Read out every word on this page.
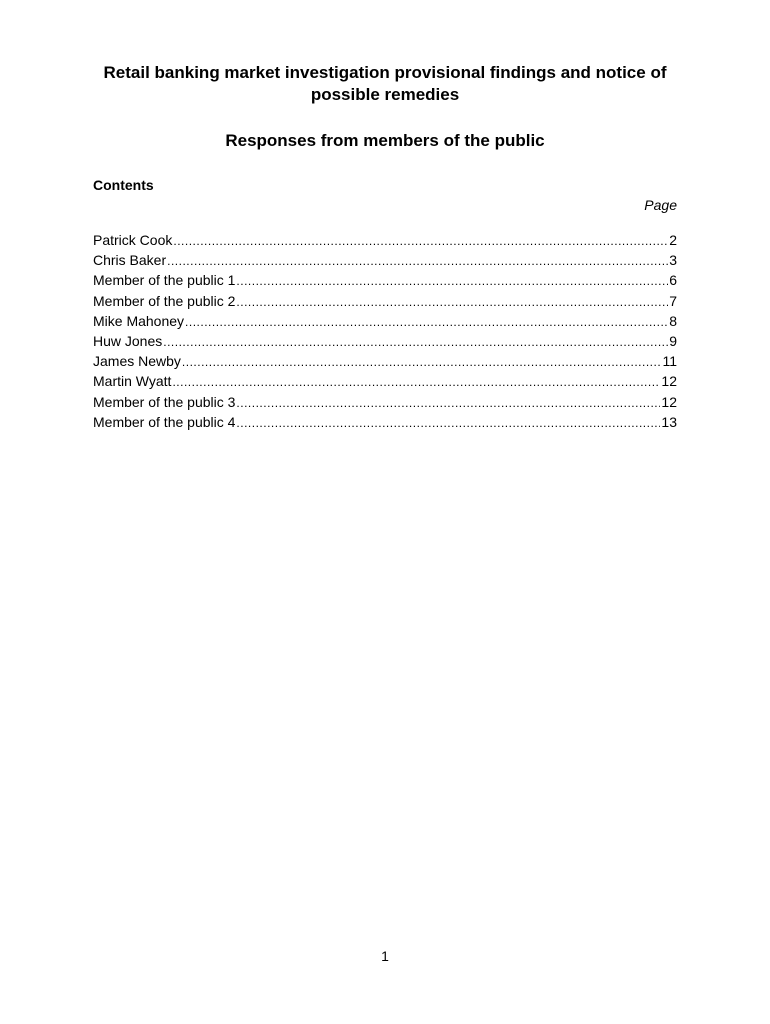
Retail banking market investigation provisional findings and notice of possible remedies
Responses from members of the public
Contents
Page
Patrick Cook .....	2
Chris Baker .....	3
Member of the public 1 .....	6
Member of the public 2 .....	7
Mike Mahoney .....	8
Huw Jones .....	9
James Newby .....	11
Martin Wyatt .....	12
Member of the public 3 .....	12
Member of the public 4 .....	13
1
